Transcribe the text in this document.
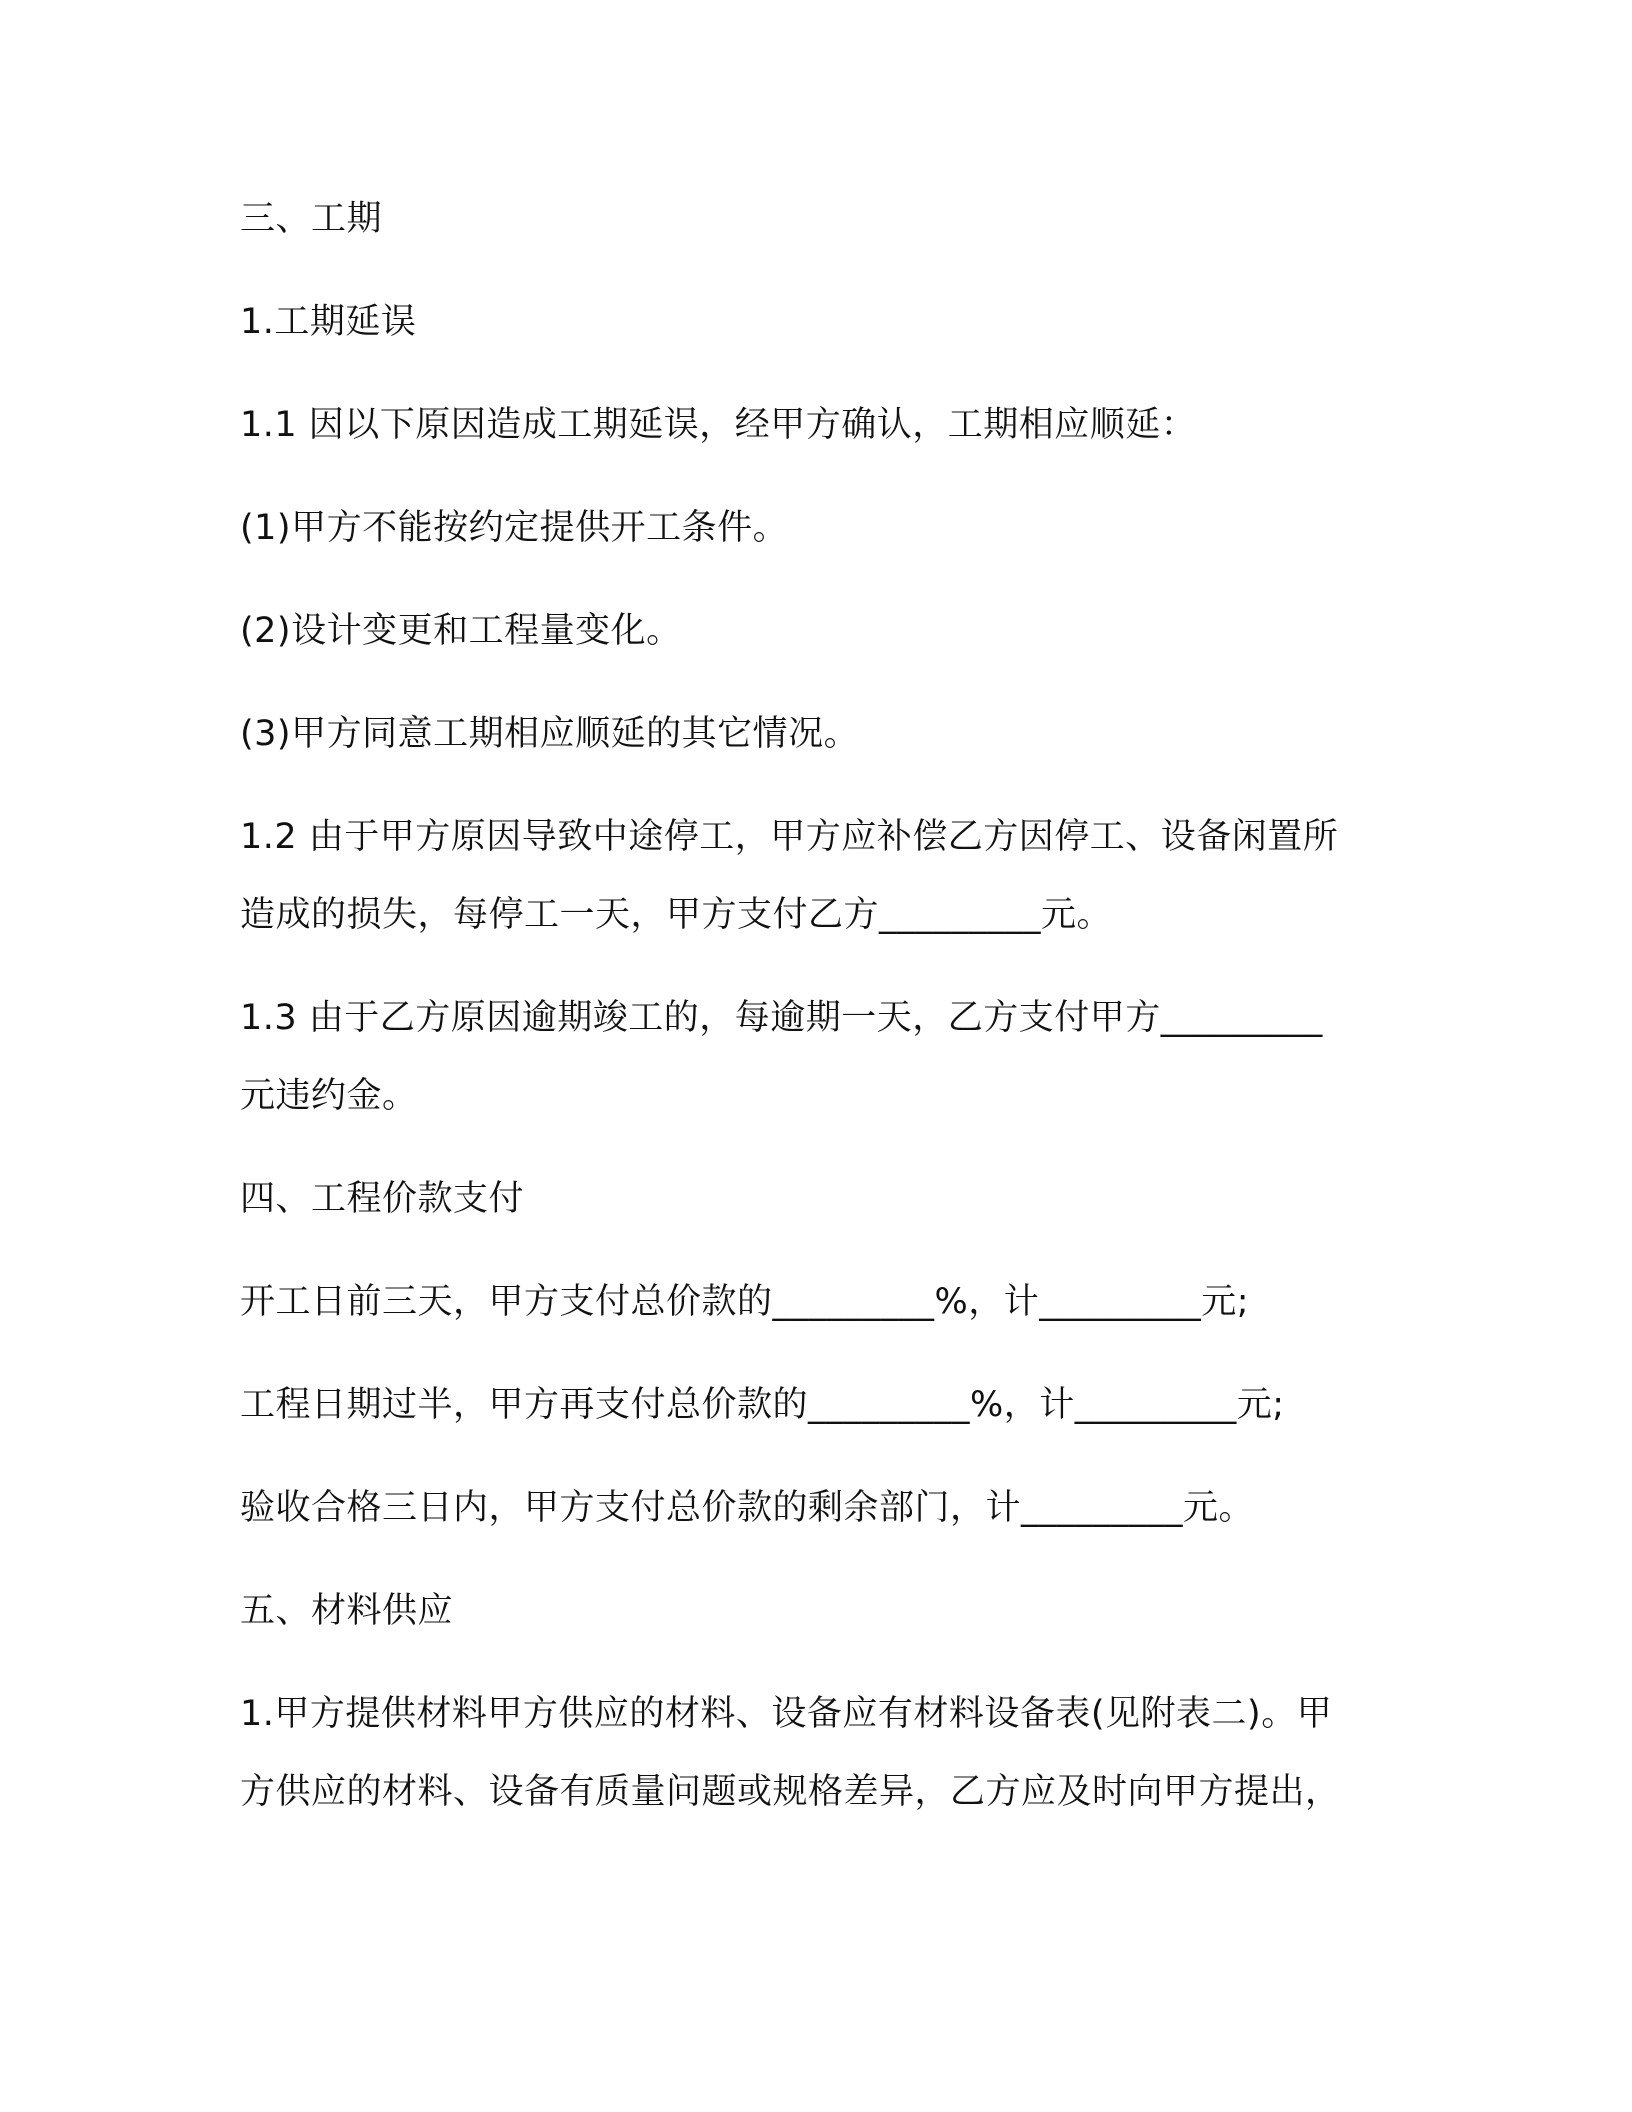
三、工期
1.工期延误
1.1 因以下原因造成工期延误，经甲方确认，工期相应顺延：
(1)甲方不能按约定提供开工条件。
(2)设计变更和工程量变化。
(3)甲方同意工期相应顺延的其它情况。
1.2 由于甲方原因导致中途停工，甲方应补偿乙方因停工、设备闲置所
造成的损失，每停工一天，甲方支付乙方_________元。
1.3 由于乙方原因逾期竣工的，每逾期一天，乙方支付甲方_________
元违约金。
四、工程价款支付
开工日前三天，甲方支付总价款的_________%，计_________元;
工程日期过半，甲方再支付总价款的_________%，计_________元;
验收合格三日内，甲方支付总价款的剩余部门，计_________元。
五、材料供应
1.甲方提供材料甲方供应的材料、设备应有材料设备表(见附表二)。甲
方供应的材料、设备有质量问题或规格差异，乙方应及时向甲方提出，
